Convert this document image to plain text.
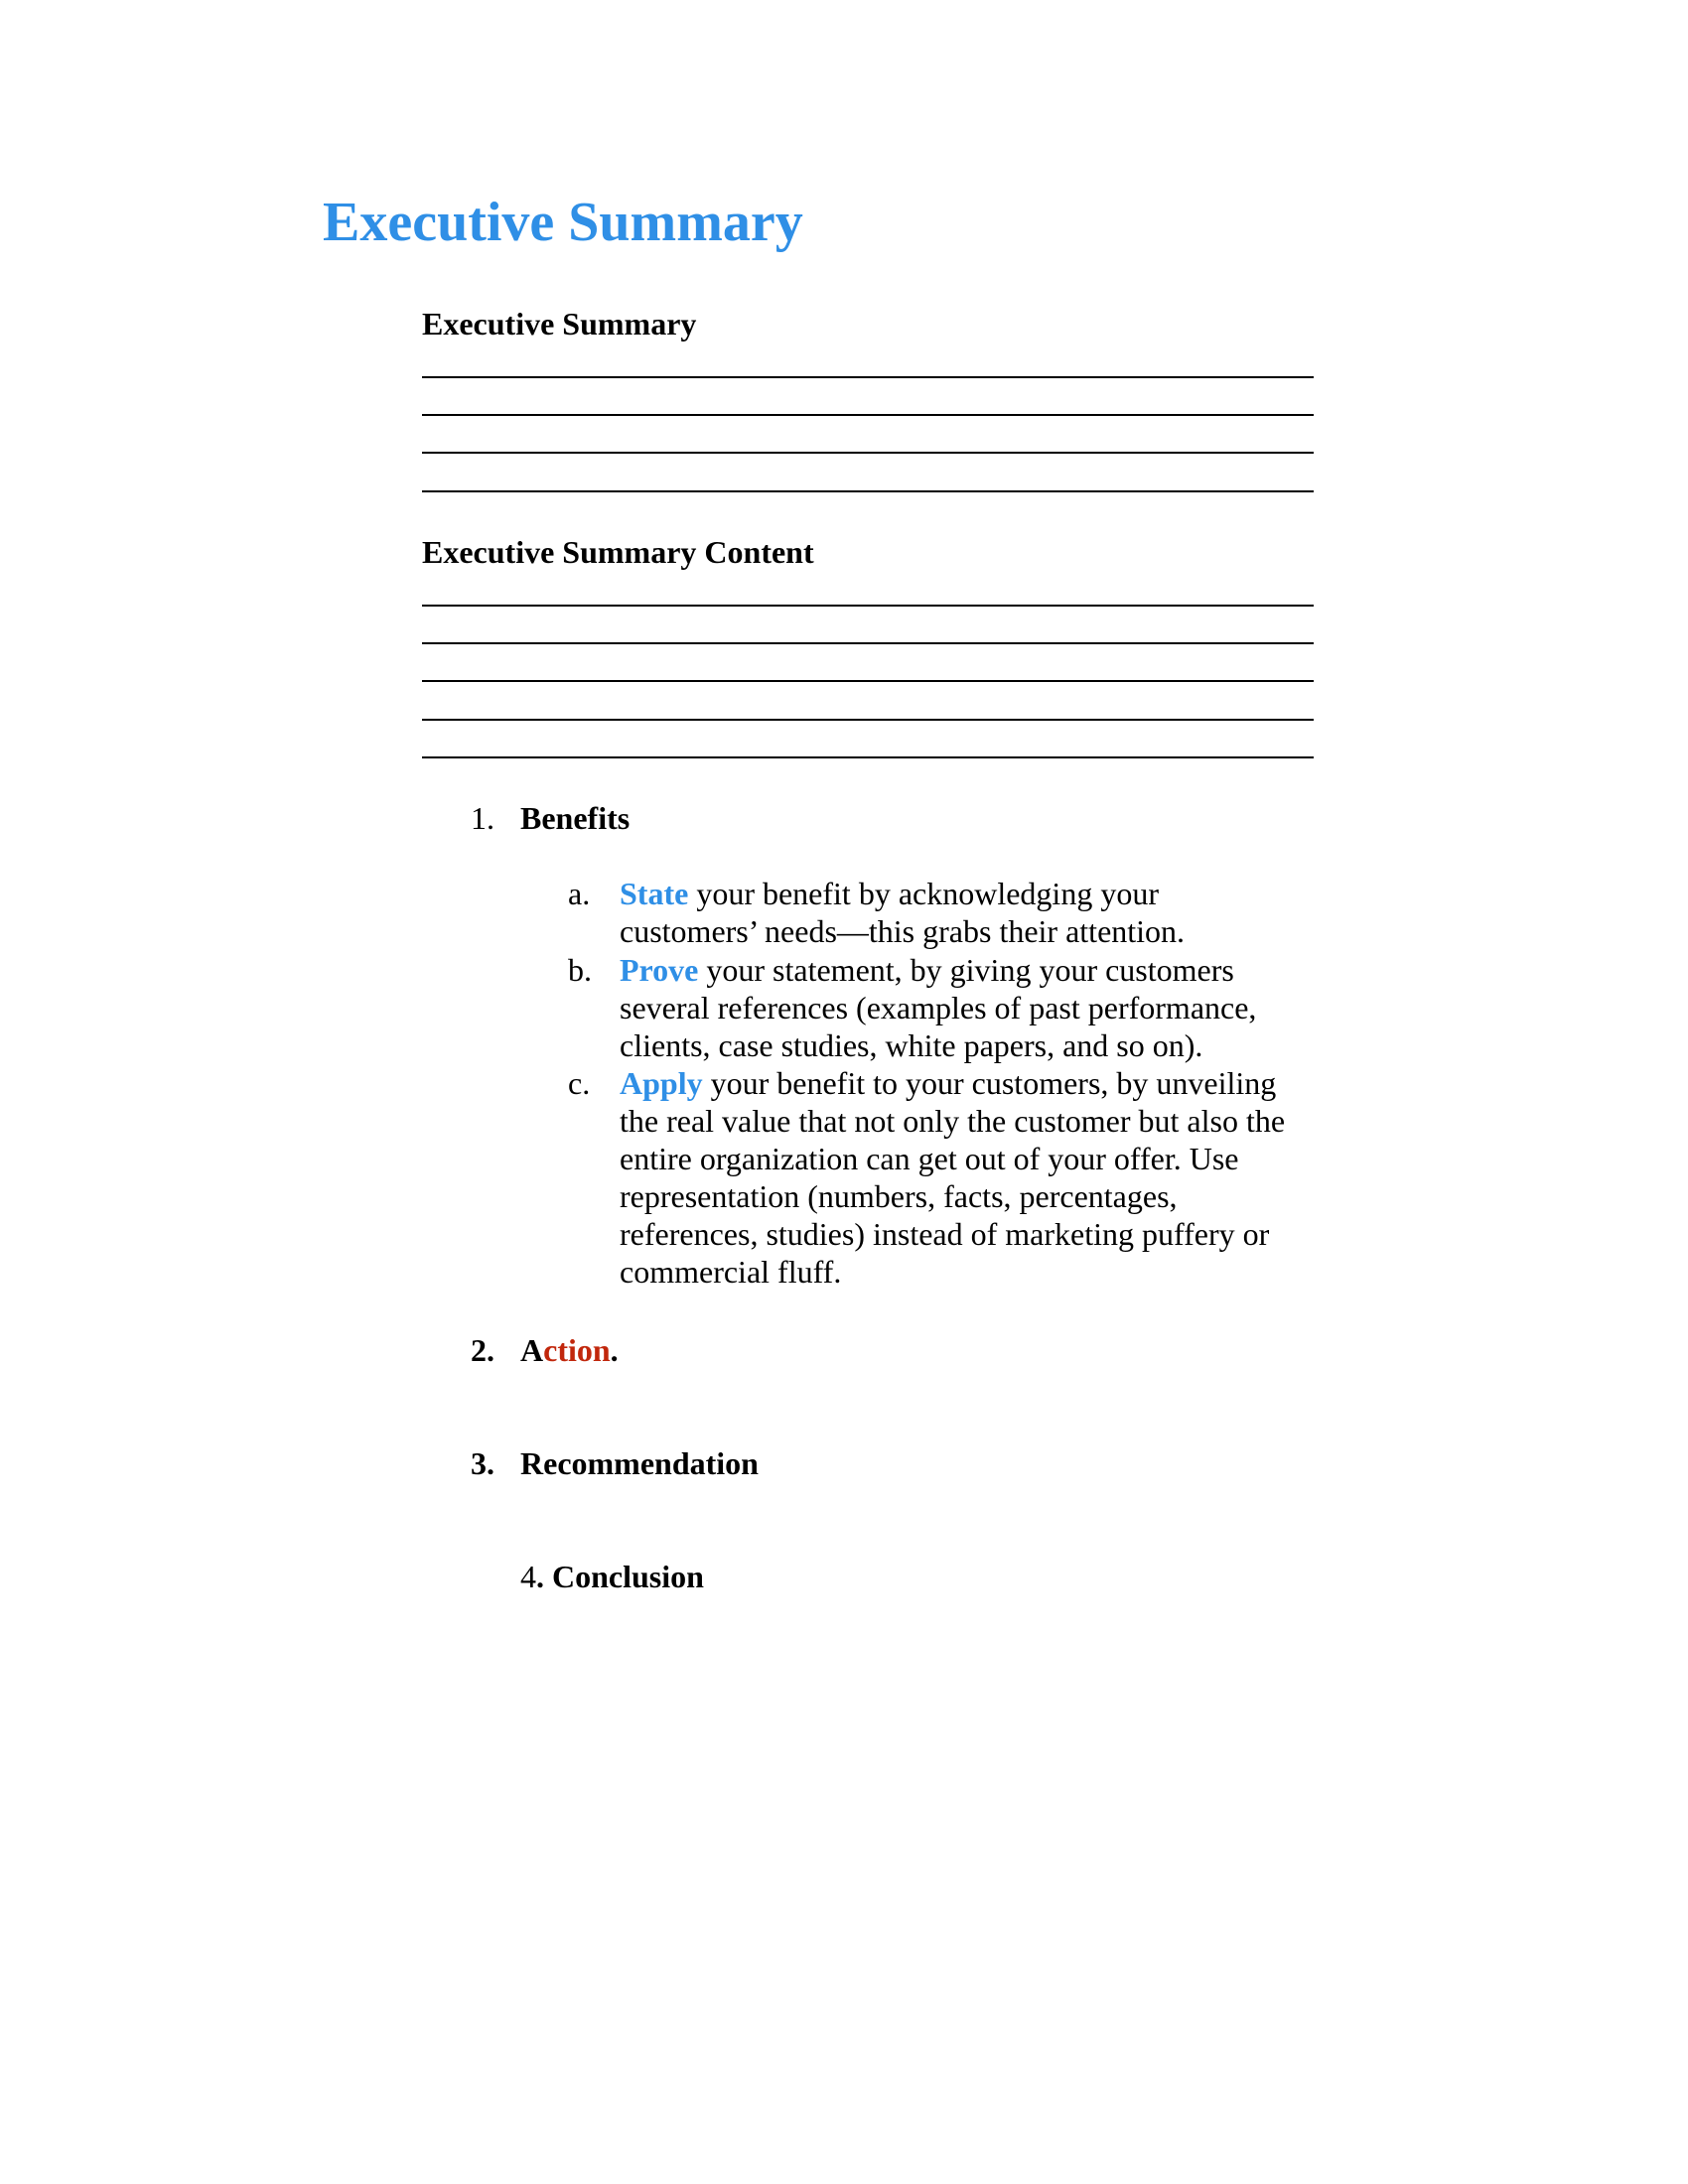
Executive Summary
Executive Summary
Executive Summary Content
1. Benefits
a. State your benefit by acknowledging your
customers’ needs—this grabs their attention.
b. Prove your statement, by giving your customers
several references (examples of past performance,
clients, case studies, white papers, and so on).
c. Apply your benefit to your customers, by unveiling
the real value that not only the customer but also the
entire organization can get out of your offer. Use
representation (numbers, facts, percentages,
references, studies) instead of marketing puffery or
commercial fluff.
2. Action.
3. Recommendation
4. Conclusion
